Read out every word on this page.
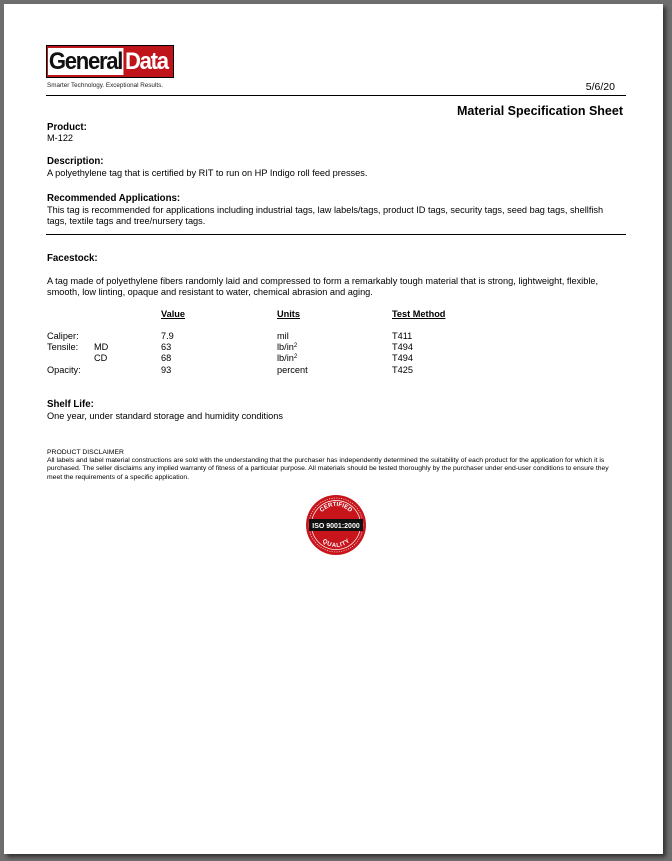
General Data
Smarter Technology. Exceptional Results.	5/6/20
Material Specification Sheet
Product:
M-122
Description:
A polyethylene tag that is certified by RIT to run on HP Indigo roll feed presses.
Recommended Applications:
This tag is recommended for applications including industrial tags, law labels/tags, product ID tags, security tags, seed bag tags, shellfish tags, textile tags and tree/nursery tags.
Facestock:
A tag made of polyethylene fibers randomly laid and compressed to form a remarkably tough material that is strong, lightweight, flexible, smooth, low linting, opaque and resistant to water, chemical abrasion and aging.
Value	Units	Test Method
Caliper:	7.9	mil	T411
Tensile: MD	63	$lb/in^2$	T494
CD	68	$lb/in^2$	T494
Opacity:	93	percent	T425
Shelf Life:
One year, under standard storage and humidity conditions
PRODUCT DISCLAIMER
All labels and label material constructions are sold with the understanding that the purchaser has independently determined the suitability of each product for the application for which it is purchased. The seller disclaims any implied warranty of fitness of a particular purpose. All materials should be tested thoroughly by the purchaser under end-user conditions to ensure they meet the requirements of a specific application.
CERTIFIED
ISO 9001:2000
QUALITY
